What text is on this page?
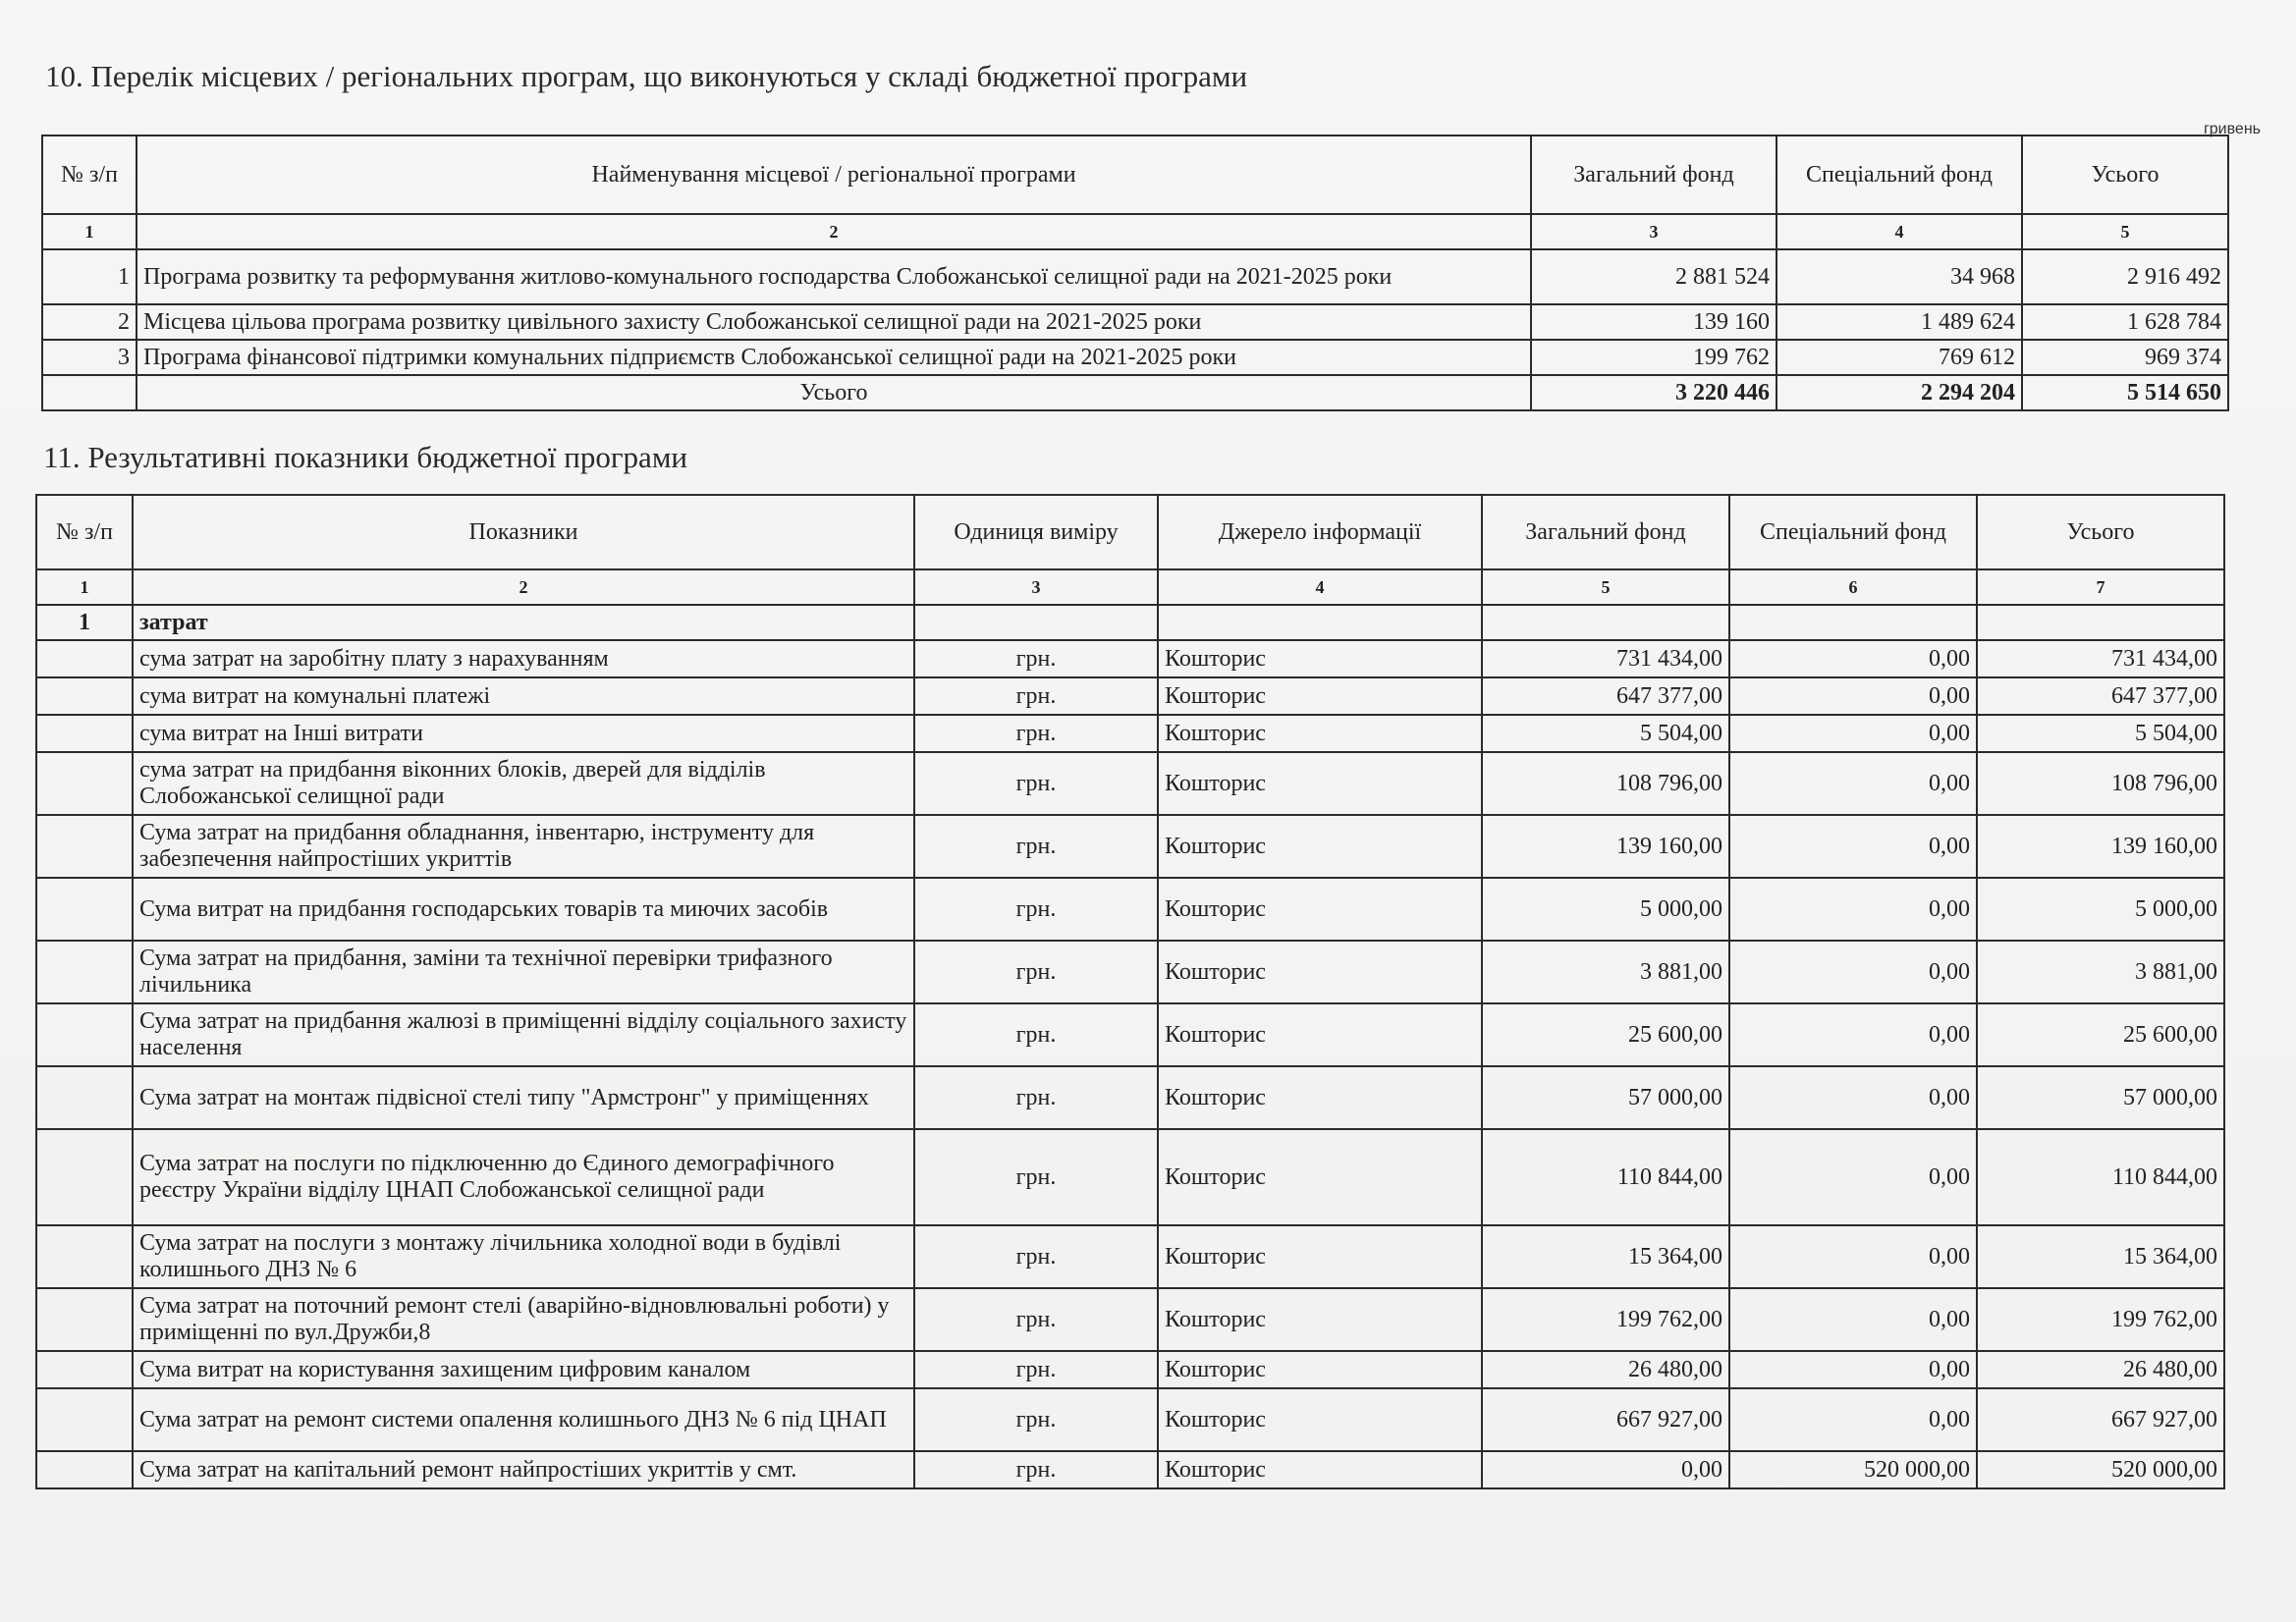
10. Перелік місцевих / регіональних програм, що виконуються у складі бюджетної програми
гривень
№ з/п	Найменування місцевої / регіональної програми	Загальний фонд	Спеціальний фонд	Усього
1	2	3	4	5
1	Програма розвитку та реформування житлово-комунального господарства Слобожанської селищної ради на 2021-2025 роки	2 881 524	34 968	2 916 492
2	Місцева цільова програма розвитку цивільного захисту Слобожанської селищної ради на 2021-2025 роки	139 160	1 489 624	1 628 784
3	Програма фінансової підтримки комунальних підприємств Слобожанської селищної ради на 2021-2025 роки	199 762	769 612	969 374
	Усього	3 220 446	2 294 204	5 514 650
11. Результативні показники бюджетної програми
№ з/п	Показники	Одиниця виміру	Джерело інформації	Загальний фонд	Спеціальний фонд	Усього
1	2	3	4	5	6	7
1	затрат					
	сума затрат на заробітну плату з нарахуванням	грн.	Кошторис	731 434,00	0,00	731 434,00
	сума витрат на комунальні платежі	грн.	Кошторис	647 377,00	0,00	647 377,00
	сума витрат на Інші витрати	грн.	Кошторис	5 504,00	0,00	5 504,00
	сума затрат на придбання віконних блоків, дверей для відділів Слобожанської селищної ради	грн.	Кошторис	108 796,00	0,00	108 796,00
	Сума затрат на придбання обладнання, інвентарю, інструменту для забезпечення найпростіших укриттів	грн.	Кошторис	139 160,00	0,00	139 160,00
	Сума витрат на придбання господарських товарів та миючих засобів	грн.	Кошторис	5 000,00	0,00	5 000,00
	Сума затрат на придбання, заміни та технічної перевірки трифазного лічильника	грн.	Кошторис	3 881,00	0,00	3 881,00
	Сума затрат на придбання жалюзі в приміщенні відділу соціального захисту населення	грн.	Кошторис	25 600,00	0,00	25 600,00
	Сума затрат на монтаж підвісної стелі типу "Армстронг" у приміщеннях	грн.	Кошторис	57 000,00	0,00	57 000,00
	Сума затрат на послуги по підключенню до Єдиного демографічного реєстру України відділу ЦНАП Слобожанської селищної ради	грн.	Кошторис	110 844,00	0,00	110 844,00
	Сума затрат на послуги з монтажу лічильника холодної води в будівлі колишнього ДНЗ № 6	грн.	Кошторис	15 364,00	0,00	15 364,00
	Сума затрат на поточний ремонт стелі (аварійно-відновлювальні роботи) у приміщенні по вул.Дружби,8	грн.	Кошторис	199 762,00	0,00	199 762,00
	Сума витрат на користування захищеним цифровим каналом	грн.	Кошторис	26 480,00	0,00	26 480,00
	Сума затрат на ремонт системи опалення колишнього ДНЗ № 6 під ЦНАП	грн.	Кошторис	667 927,00	0,00	667 927,00
	Сума затрат на капітальний ремонт найпростіших укриттів у смт.	грн.	Кошторис	0,00	520 000,00	520 000,00
